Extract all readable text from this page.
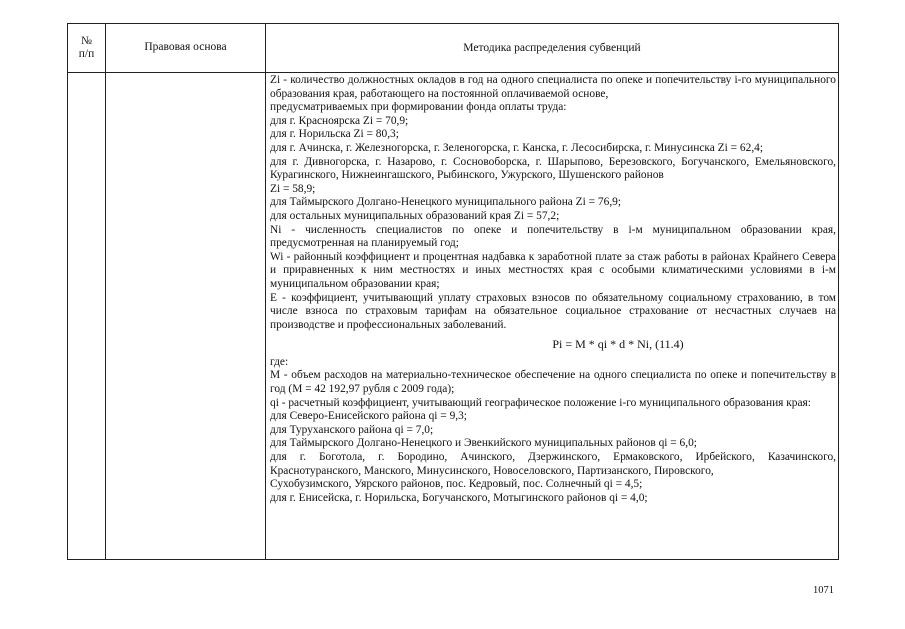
№
п/п
Правовая основа	Методика распределения субвенций

Zi - количество должностных окладов в год на одного специалиста по опеке и попечительству i-го муниципального образования края, работающего на постоянной оплачиваемой основе,

предусматриваемых при формировании фонда оплаты труда:

для г. Красноярска Zi = 70,9;

для г. Норильска Zi = 80,3;

для г. Ачинска, г. Железногорска, г. Зеленогорска, г. Канска, г. Лесосибирска, г. Минусинска Zi = 62,4;

для г. Дивногорска, г. Назарово, г. Сосновоборска, г. Шарыпово, Березовского, Богучанского, Емельяновского, Курагинского, Нижнеингашского, Рыбинского, Ужурского, Шушенского районов

Zi = 58,9;

для Таймырского Долгано-Ненецкого муниципального района Zi = 76,9;

для остальных муниципальных образований края Zi = 57,2;

Ni - численность специалистов по опеке и попечительству в i-м муниципальном образовании края, предусмотренная на планируемый год;

Wi - районный коэффициент и процентная надбавка к заработной плате за стаж работы в районах Крайнего Севера и приравненных к ним местностях и иных местностях края с особыми климатическими условиями в i-м муниципальном образовании края;

Е - коэффициент, учитывающий уплату страховых взносов по обязательному социальному страхованию, в том числе взноса по страховым тарифам на обязательное социальное страхование от несчастных случаев на производстве и профессиональных заболеваний.

Pi = M * qi * d * Ni, (11.4)

где:

М - объем расходов на материально-техническое обеспечение на одного специалиста по опеке и попечительству в год (М = 42 192,97 рубля с 2009 года);

qi - расчетный коэффициент, учитывающий географическое положение i-го муниципального образования края:

для Северо-Енисейского района qi = 9,3;

для Туруханского района qi = 7,0;

для Таймырского Долгано-Ненецкого и Эвенкийского муниципальных районов qi = 6,0;

для г. Боготола, г. Бородино, Ачинского, Дзержинского, Ермаковского, Ирбейского, Казачинского, Краснотуранского, Манского, Минусинского, Новоселовского, Партизанского, Пировского,

Сухобузимского, Уярского районов, пос. Кедровый, пос. Солнечный qi = 4,5;

для г. Енисейска, г. Норильска, Богучанского, Мотыгинского районов qi = 4,0;

1071
